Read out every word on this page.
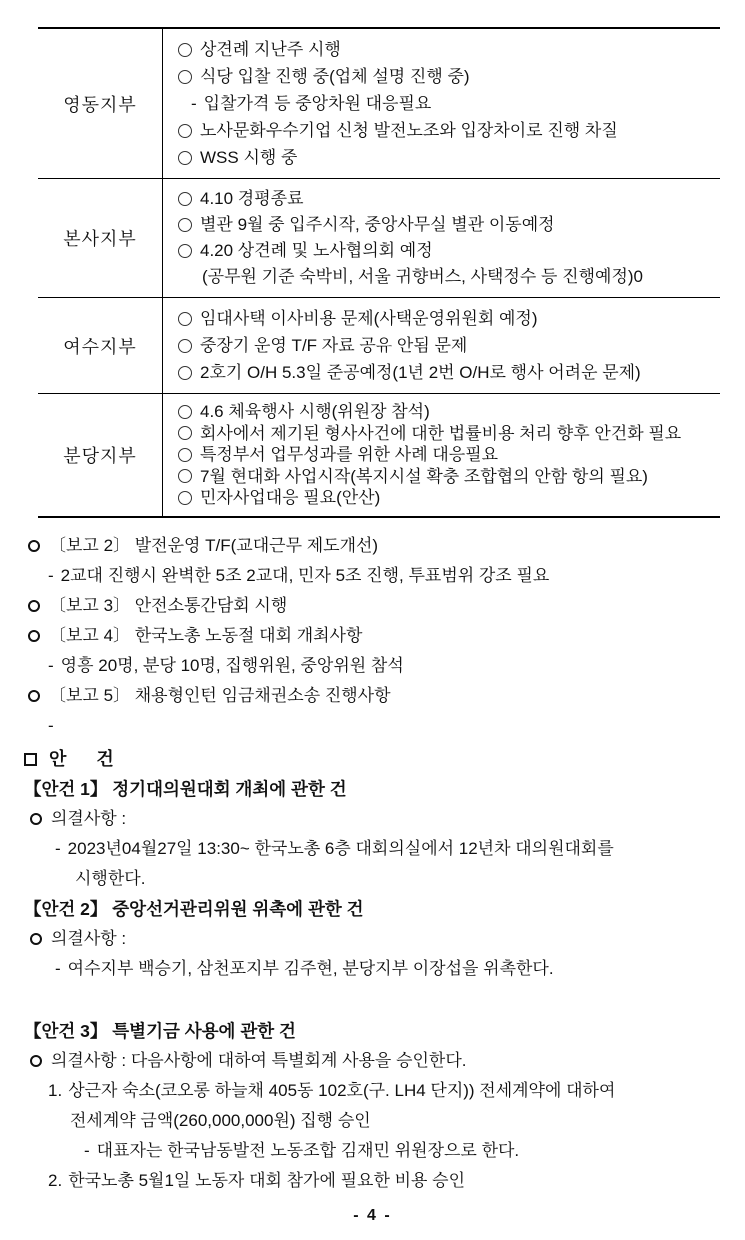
영동지부	상견례 지난주 시행
식당 입찰 진행 중(업체 설명 진행 중)
- 입찰가격 등 중앙차원 대응필요
노사문화우수기업 신청 발전노조와 입장차이로 진행 차질
WSS 시행 중

본사지부	4.10 경평종료
별관 9월 중 입주시작, 중앙사무실 별관 이동예정
4.20 상견례 및 노사협의회 예정
(공무원 기준 숙박비, 서울 귀향버스, 사택정수 등 진행예정)0

여수지부	임대사택 이사비용 문제(사택운영위원회 예정)
중장기 운영 T/F 자료 공유 안됨 문제
2호기 O/H 5.3일 준공예정(1년 2번 O/H로 행사 어려운 문제)

분당지부	4.6 체육행사 시행(위원장 참석)
회사에서 제기된 형사사건에 대한 법률비용 처리 향후 안건화 필요
특정부서 업무성과를 위한 사례 대응필요
7월 현대화 사업시작(복지시설 확충 조합협의 안함 항의 필요)
민자사업대응 필요(안산)
〔보고 2〕 발전운영 T/F(교대근무 제도개선)
- 2교대 진행시 완벽한 5조 2교대, 민자 5조 진행, 투표범위 강조 필요
〔보고 3〕 안전소통간담회 시행
〔보고 4〕 한국노총 노동절 대회 개최사항
- 영흥 20명, 분당 10명, 집행위원, 중앙위원 참석
〔보고 5〕 채용형인턴 임금채권소송 진행사항
-
안      건
【안건 1】 정기대의원대회 개최에 관한 건
의결사항 :
- 2023년04월27일 13:30~ 한국노총 6층 대회의실에서 12년차 대의원대회를
시행한다.
【안건 2】 중앙선거관리위원 위촉에 관한 건
의결사항 :
- 여수지부 백승기, 삼천포지부 김주현, 분당지부 이장섭을 위촉한다.
【안건 3】 특별기금 사용에 관한 건
의결사항 : 다음사항에 대하여 특별회계 사용을 승인한다.
1. 상근자 숙소(코오롱 하늘채 405동 102호(구. LH4 단지)) 전세계약에 대하여
전세계약 금액(260,000,000원) 집행 승인
- 대표자는 한국남동발전 노동조합 김재민 위원장으로 한다.
2. 한국노총 5월1일 노동자 대회 참가에 필요한 비용 승인
- 4 -
